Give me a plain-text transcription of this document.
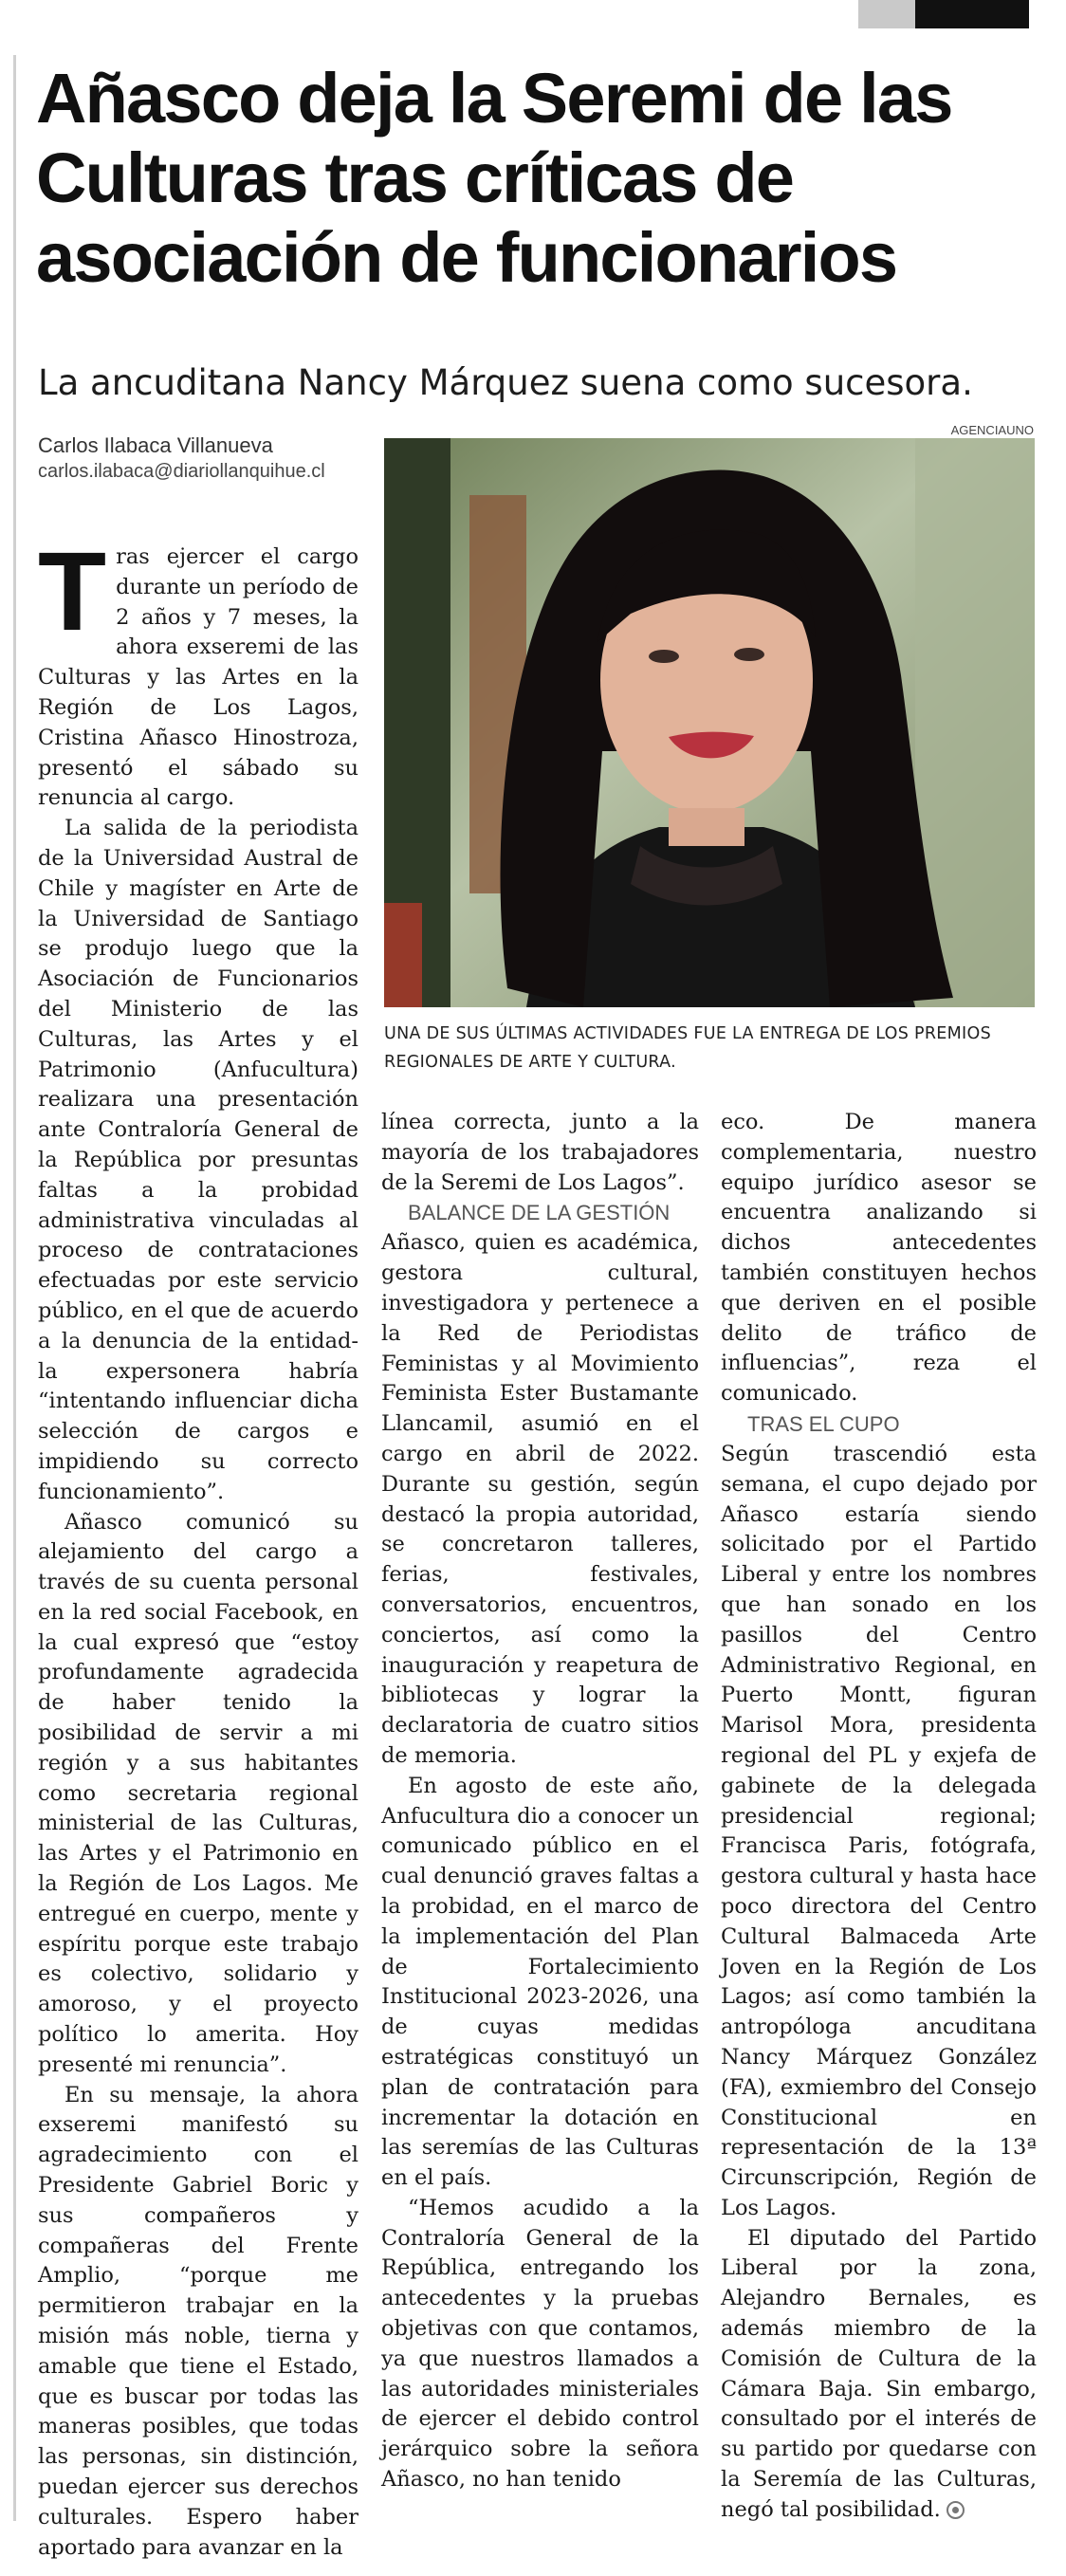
Añasco deja la Seremi de las Culturas tras críticas de asociación de funcionarios

La ancuditana Nancy Márquez suena como sucesora.

Carlos Ilabaca Villanueva
carlos.ilabaca@diariollanquihue.cl
AGENCIAUNO

UNA DE SUS ÚLTIMAS ACTIVIDADES FUE LA ENTREGA DE LOS PREMIOS REGIONALES DE ARTE Y CULTURA.

Tras ejercer el cargo durante un período de 2 años y 7 meses, la ahora exseremi de las Culturas y las Artes en la Región de Los Lagos, Cristina Añasco Hinostroza, presentó el sábado su renuncia al cargo.

La salida de la periodista de la Universidad Austral de Chile y magíster en Arte de la Universidad de Santiago se produjo luego que la Asociación de Funcionarios del Ministerio de las Culturas, las Artes y el Patrimonio (Anfucultura) realizara una presentación ante Contraloría General de la República por presuntas faltas a la probidad administrativa vinculadas al proceso de contrataciones efectuadas por este servicio público, en el que de acuerdo a la denuncia de la entidad- la expersonera habría “intentando influenciar dicha selección de cargos e impidiendo su correcto funcionamiento”.

Añasco comunicó su alejamiento del cargo a través de su cuenta personal en la red social Facebook, en la cual expresó que “estoy profundamente agradecida de haber tenido la posibilidad de servir a mi región y a sus habitantes como secretaria regional ministerial de las Culturas, las Artes y el Patrimonio en la Región de Los Lagos. Me entregué en cuerpo, mente y espíritu porque este trabajo es colectivo, solidario y amoroso, y el proyecto político lo amerita. Hoy presenté mi renuncia”.

En su mensaje, la ahora exseremi manifestó su agradecimiento con el Presidente Gabriel Boric y sus compañeros y compañeras del Frente Amplio, “porque me permitieron trabajar en la misión más noble, tierna y amable que tiene el Estado, que es buscar por todas las maneras posibles, que todas las personas, sin distinción, puedan ejercer sus derechos culturales. Espero haber aportado para avanzar en la

línea correcta, junto a la mayoría de los trabajadores de la Seremi de Los Lagos”.

BALANCE DE LA GESTIÓN

Añasco, quien es académica, gestora cultural, investigadora y pertenece a la Red de Periodistas Feministas y al Movimiento Feminista Ester Bustamante Llancamil, asumió en el cargo en abril de 2022. Durante su gestión, según destacó la propia autoridad, se concretaron talleres, ferias, festivales, conversatorios, encuentros, conciertos, así como la inauguración y reapetura de bibliotecas y lograr la declaratoria de cuatro sitios de memoria.

En agosto de este año, Anfucultura dio a conocer un comunicado público en el cual denunció graves faltas a la probidad, en el marco de la implementación del Plan de Fortalecimiento Institucional 2023-2026, una de cuyas medidas estratégicas constituyó un plan de contratación para incrementar la dotación en las seremías de las Culturas en el país.

“Hemos acudido a la Contraloría General de la República, entregando los antecedentes y la pruebas objetivas con que contamos, ya que nuestros llamados a las autoridades ministeriales de ejercer el debido control jerárquico sobre la señora Añasco, no han tenido

eco. De manera complementaria, nuestro equipo jurídico asesor se encuentra analizando si dichos antecedentes también constituyen hechos que deriven en el posible delito de tráfico de influencias”, reza el comunicado.

TRAS EL CUPO

Según trascendió esta semana, el cupo dejado por Añasco estaría siendo solicitado por el Partido Liberal y entre los nombres que han sonado en los pasillos del Centro Administrativo Regional, en Puerto Montt, figuran Marisol Mora, presidenta regional del PL y exjefa de gabinete de la delegada presidencial regional; Francisca Paris, fotógrafa, gestora cultural y hasta hace poco directora del Centro Cultural Balmaceda Arte Joven en la Región de Los Lagos; así como también la antropóloga ancuditana Nancy Márquez González (FA), exmiembro del Consejo Constitucional en representación de la 13ª Circunscripción, Región de Los Lagos.

El diputado del Partido Liberal por la zona, Alejandro Bernales, es además miembro de la Comisión de Cultura de la Cámara Baja. Sin embargo, consultado por el interés de su partido por quedarse con la Seremía de las Culturas, negó tal posibilidad.
